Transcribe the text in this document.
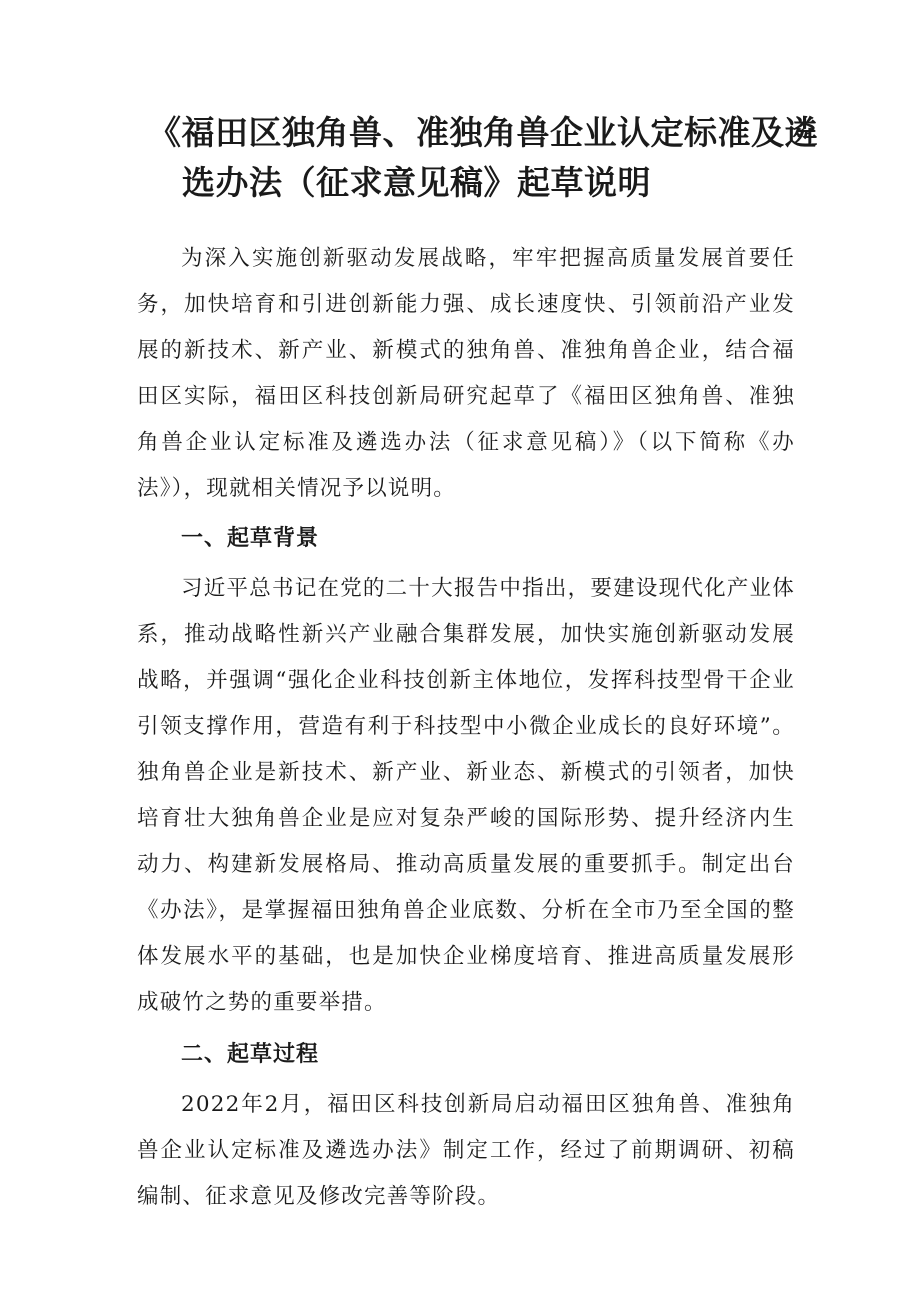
《福田区独角兽、准独角兽企业认定标准及遴
选办法（征求意见稿》起草说明

为深入实施创新驱动发展战略，牢牢把握高质量发展首要任务，加快培育和引进创新能力强、成长速度快、引领前沿产业发展的新技术、新产业、新模式的独角兽、准独角兽企业，结合福田区实际，福田区科技创新局研究起草了《福田区独角兽、准独角兽企业认定标准及遴选办法（征求意见稿）》（以下简称《办法》），现就相关情况予以说明。

一、起草背景

习近平总书记在党的二十大报告中指出，要建设现代化产业体系，推动战略性新兴产业融合集群发展，加快实施创新驱动发展战略，并强调“强化企业科技创新主体地位，发挥科技型骨干企业引领支撑作用，营造有利于科技型中小微企业成长的良好环境”。独角兽企业是新技术、新产业、新业态、新模式的引领者，加快培育壮大独角兽企业是应对复杂严峻的国际形势、提升经济内生动力、构建新发展格局、推动高质量发展的重要抓手。制定出台《办法》，是掌握福田独角兽企业底数、分析在全市乃至全国的整体发展水平的基础，也是加快企业梯度培育、推进高质量发展形成破竹之势的重要举措。

二、起草过程

2022年2月，福田区科技创新局启动福田区独角兽、准独角兽企业认定标准及遴选办法》制定工作，经过了前期调研、初稿编制、征求意见及修改完善等阶段。
